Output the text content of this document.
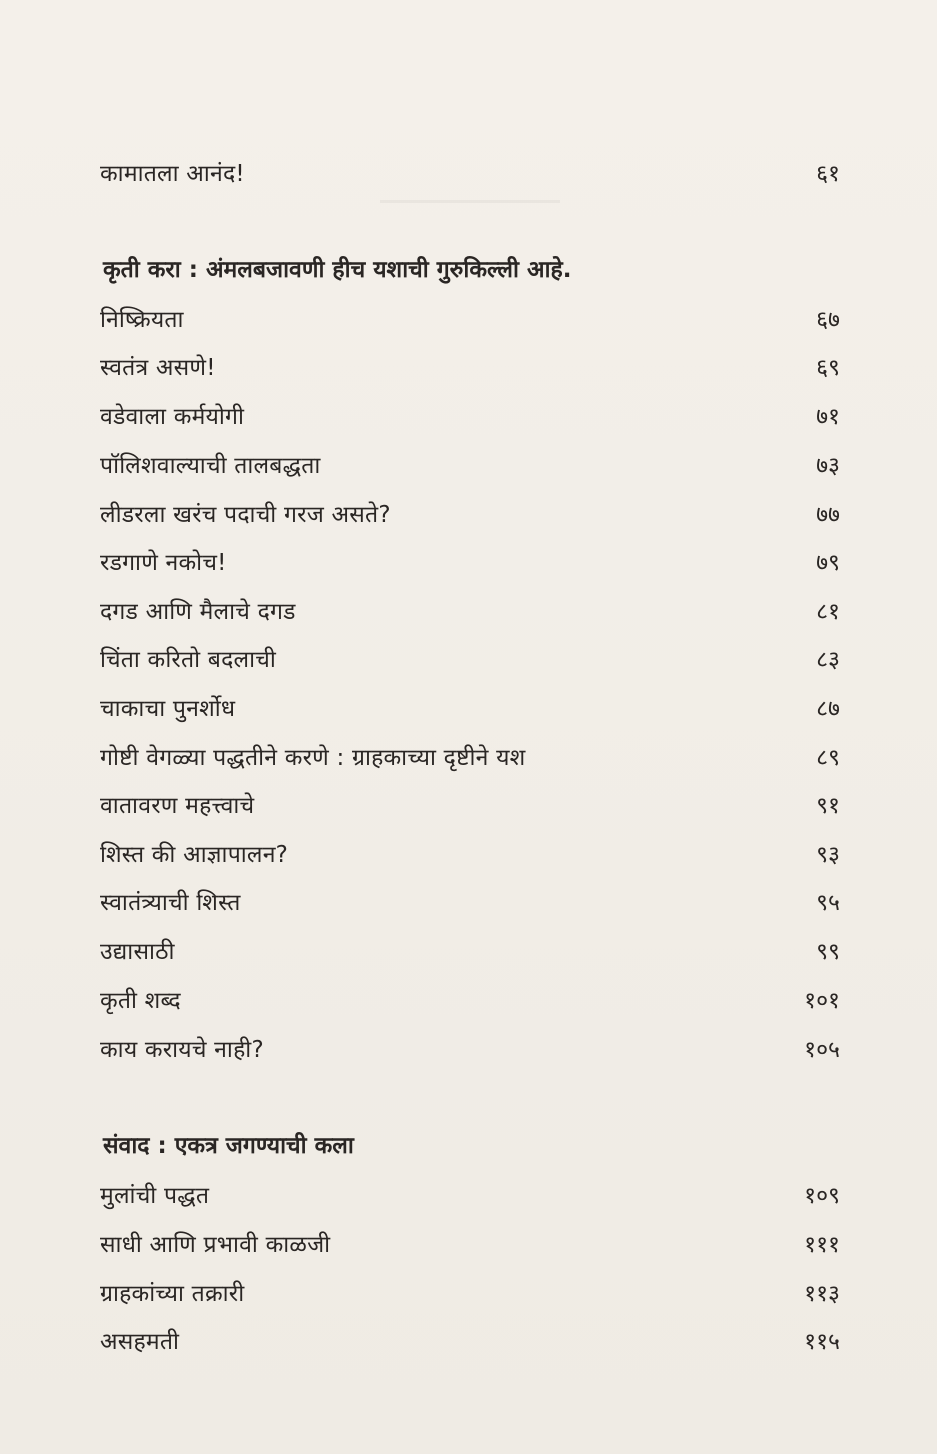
कामातला आनंद!	६१
कृती करा : अंमलबजावणी हीच यशाची गुरुकिल्ली आहे.
निष्क्रियता	६७
स्वतंत्र असणे!	६९
वडेवाला कर्मयोगी	७१
पॉलिशवाल्याची तालबद्धता	७३
लीडरला खरंच पदाची गरज असते?	७७
रडगाणे नकोच!	७९
दगड आणि मैलाचे दगड	८१
चिंता करितो बदलाची	८३
चाकाचा पुनर्शोध	८७
गोष्टी वेगळ्या पद्धतीने करणे : ग्राहकाच्या दृष्टीने यश	८९
वातावरण महत्त्वाचे	९१
शिस्त की आज्ञापालन?	९३
स्वातंत्र्याची शिस्त	९५
उद्यासाठी	९९
कृती शब्द	१०१
काय करायचे नाही?	१०५
संवाद : एकत्र जगण्याची कला
मुलांची पद्धत	१०९
साधी आणि प्रभावी काळजी	१११
ग्राहकांच्या तक्रारी	११३
असहमती	११५
